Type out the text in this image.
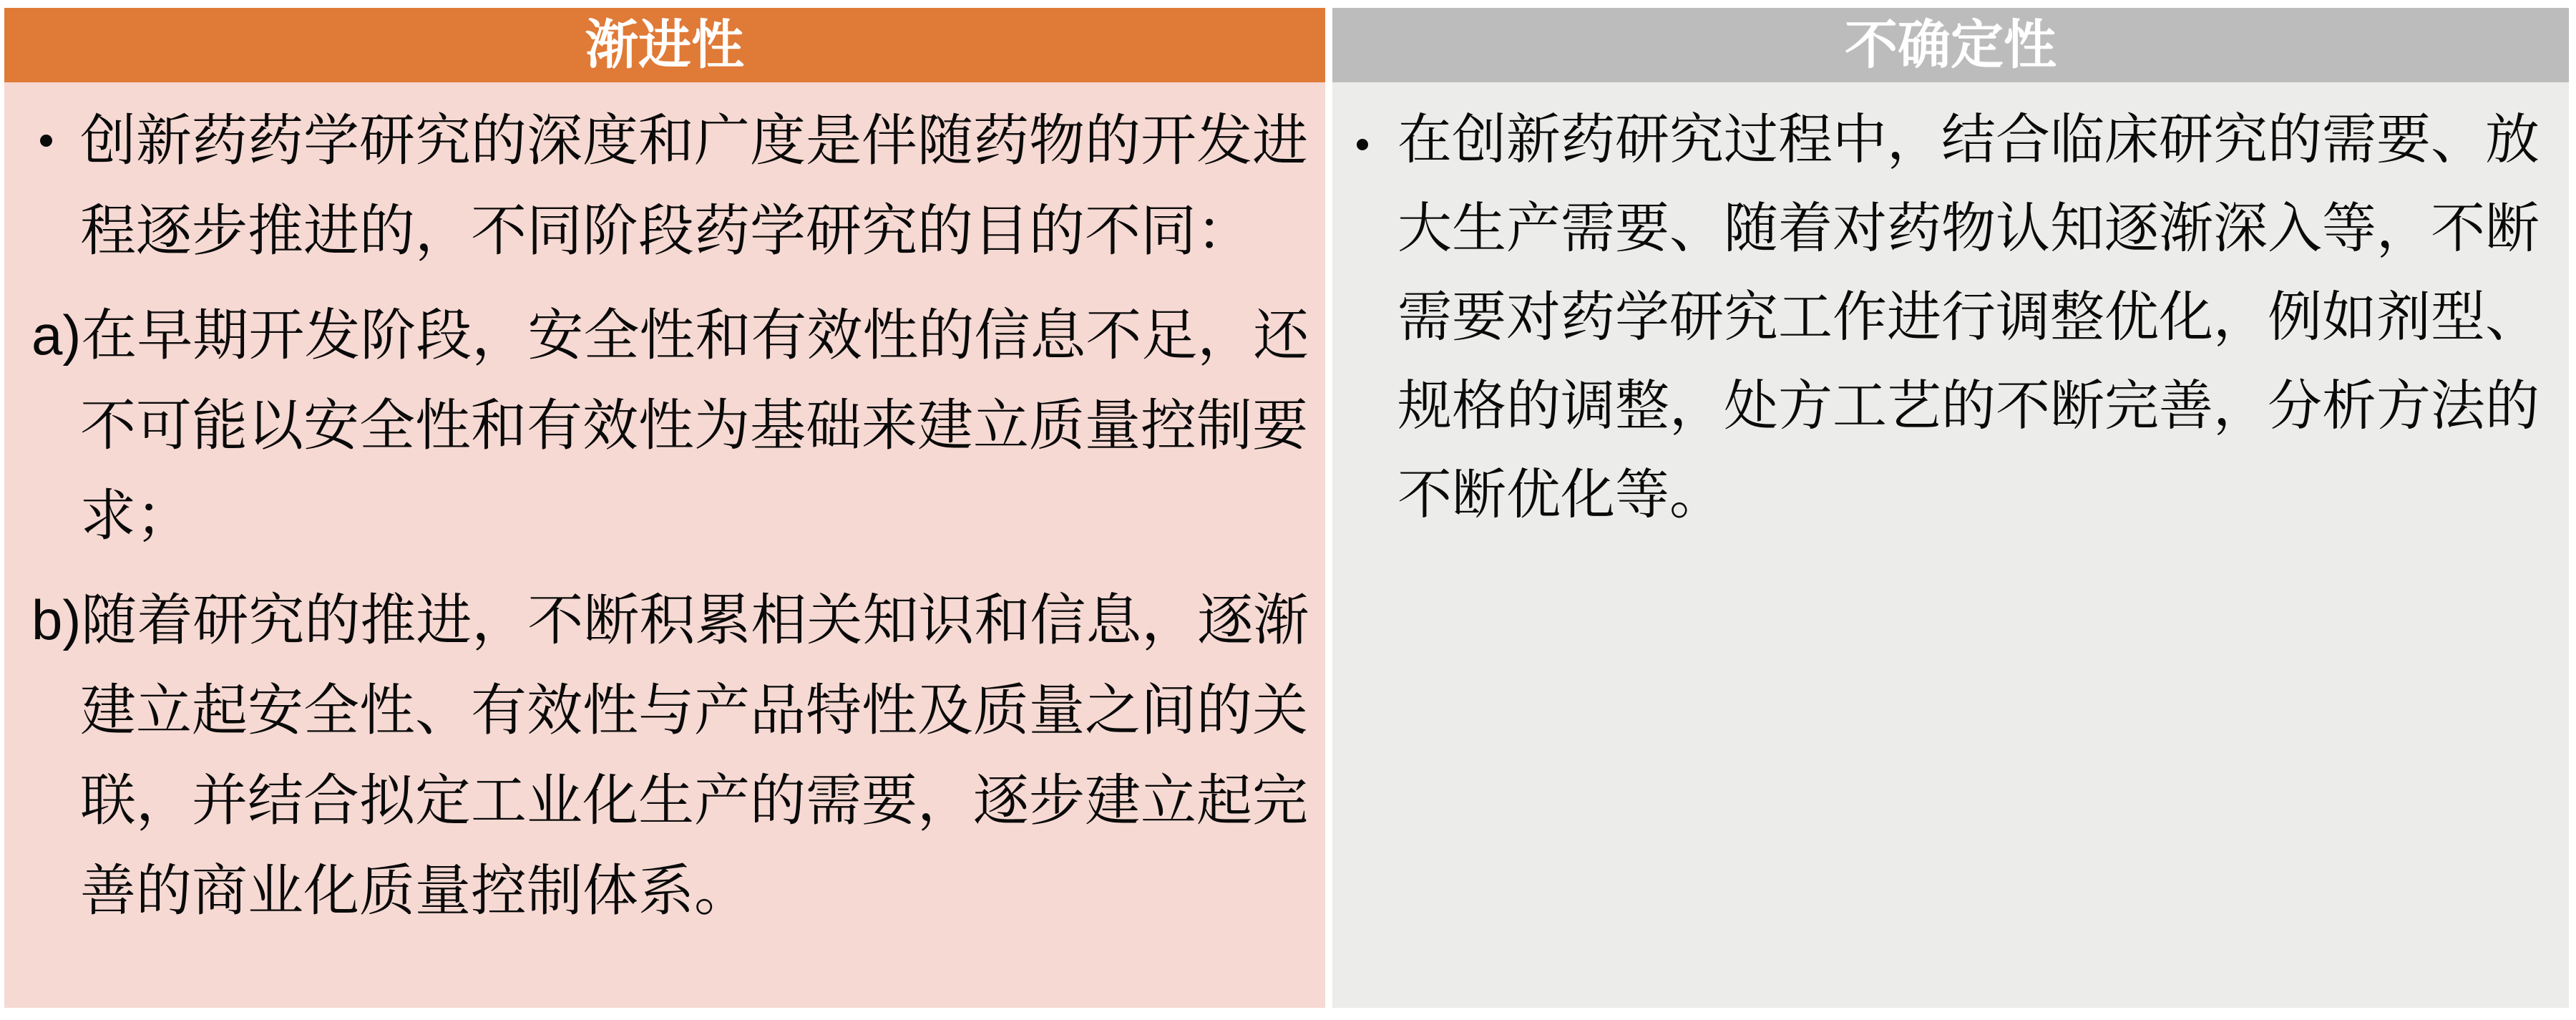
渐进性
创新药药学研究的深度和广度是伴随药物的开发进程逐步推进的，不同阶段药学研究的目的不同：
a)在早期开发阶段，安全性和有效性的信息不足，还不可能以安全性和有效性为基础来建立质量控制要求；
b)随着研究的推进，不断积累相关知识和信息，逐渐建立起安全性、有效性与产品特性及质量之间的关联，并结合拟定工业化生产的需要，逐步建立起完善的商业化质量控制体系。
不确定性
在创新药研究过程中，结合临床研究的需要、放大生产需要、随着对药物认知逐渐深入等，不断需要对药学研究工作进行调整优化，例如剂型、规格的调整，处方工艺的不断完善，分析方法的不断优化等。
